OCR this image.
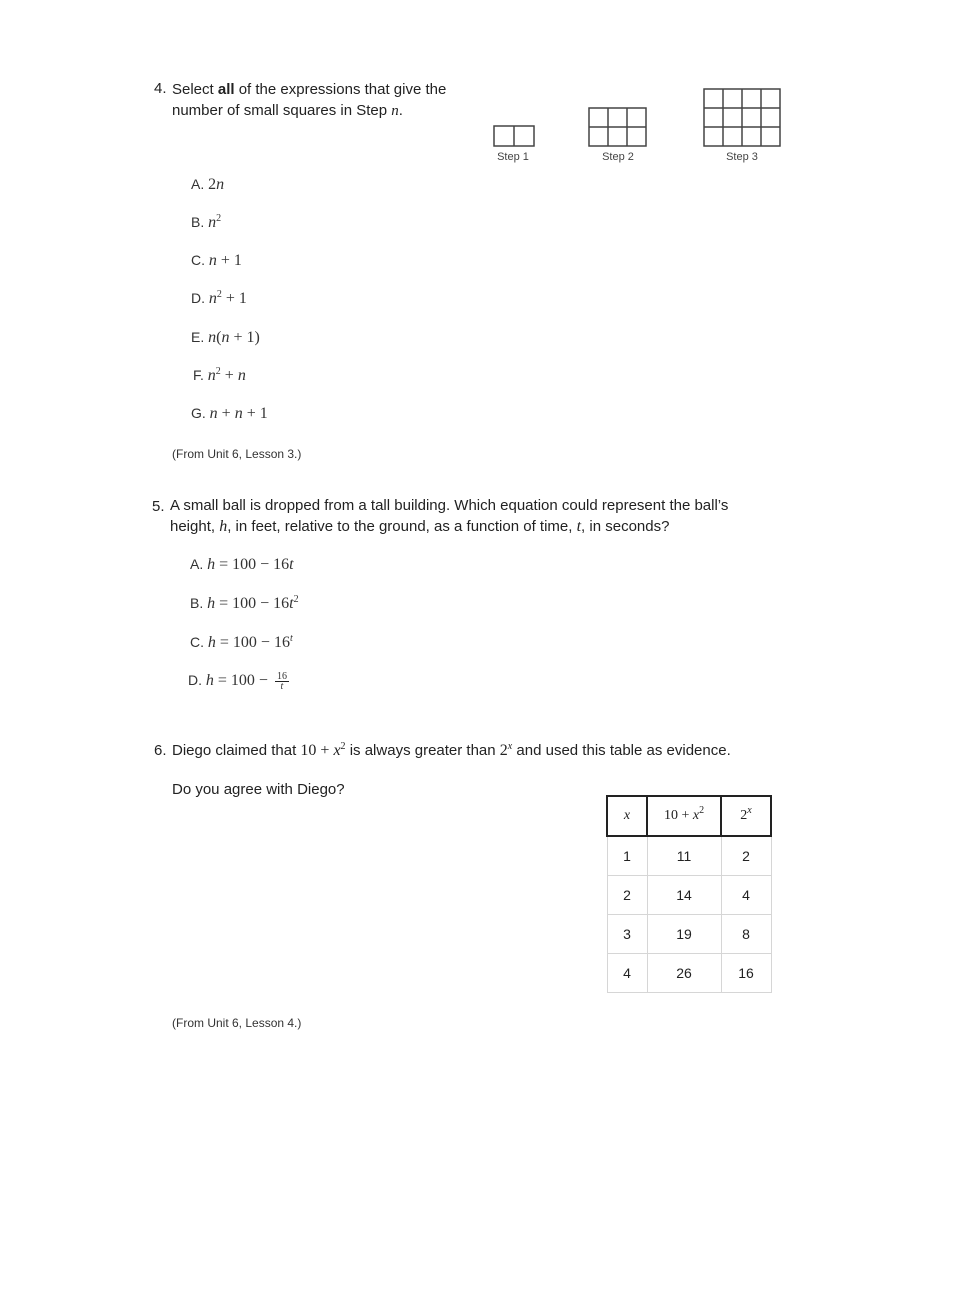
4. Select all of the expressions that give the
number of small squares in Step n.
Step 1	Step 2	Step 3
A. 2n
B. $n^2$
C. n + 1
D. $n^2 + 1$
E. n(n + 1)
F. $n^2 + n$
G. n + n + 1
(From Unit 6, Lesson 3.)
5. A small ball is dropped from a tall building. Which equation could represent the ball’s
height, h, in feet, relative to the ground, as a function of time, t, in seconds?
A. h = 100 − 16t
B. $h = 100 - 16t^2$
C. $h = 100 - 16^t$
D. $h = 100 - \frac{16}{t}$
6. Diego claimed that $10 + x^2$ is always greater than 2$^x$ and used this table as evidence.
Do you agree with Diego?
x	$10 + x^2$	2$^x$
1	11	2
2	14	4
3	19	8
4	26	16
(From Unit 6, Lesson 4.)
